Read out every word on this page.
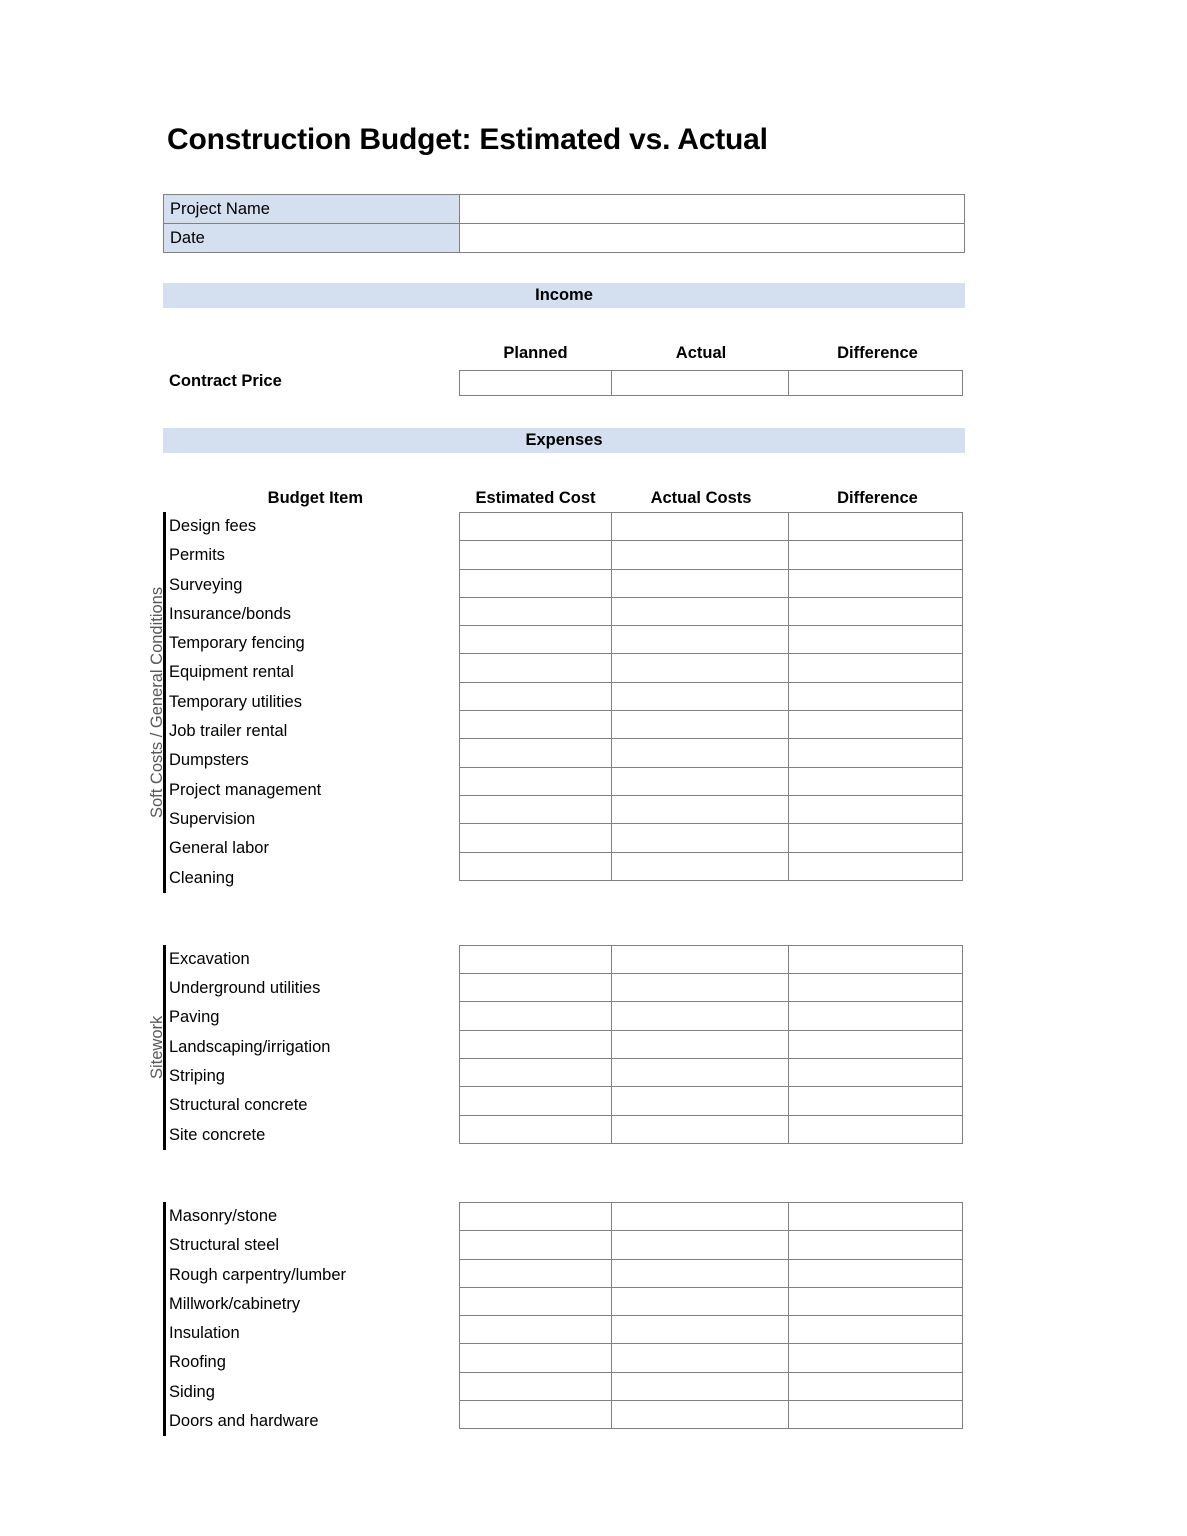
Construction Budget: Estimated vs. Actual
Project Name	
Date	
Income
Planned	Actual	Difference
Contract Price
Expenses
Budget Item	Estimated Cost	Actual Costs	Difference
Soft Costs / General Conditions
Design fees
Permits
Surveying
Insurance/bonds
Temporary fencing
Equipment rental
Temporary utilities
Job trailer rental
Dumpsters
Project management
Supervision
General labor
Cleaning
Sitework
Excavation
Underground utilities
Paving
Landscaping/irrigation
Striping
Structural concrete
Site concrete
Masonry/stone
Structural steel
Rough carpentry/lumber
Millwork/cabinetry
Insulation
Roofing
Siding
Doors and hardware
